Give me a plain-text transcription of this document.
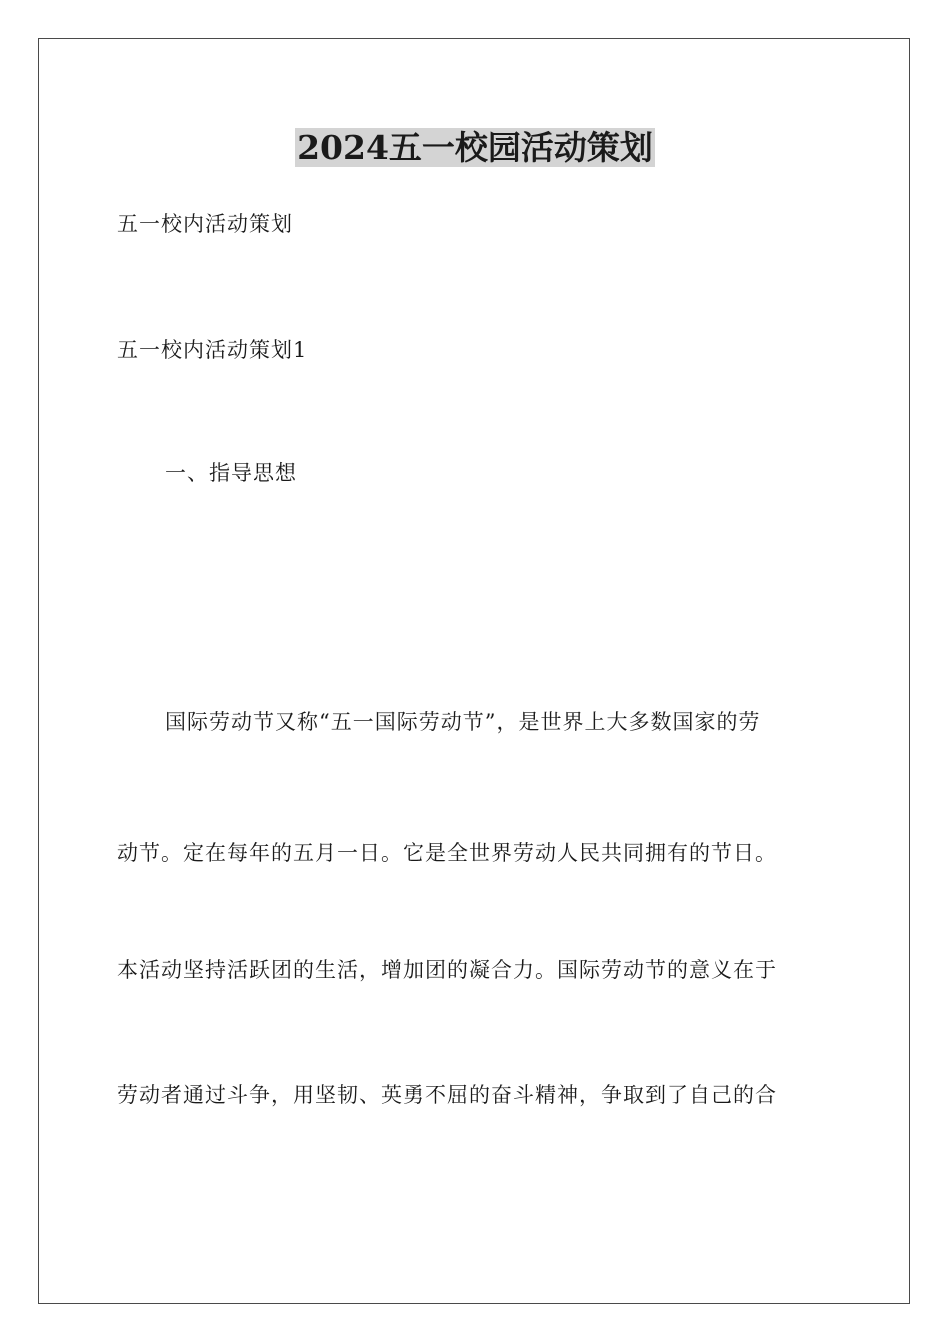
2024五一校园活动策划
五一校内活动策划
五一校内活动策划1
一、指导思想
国际劳动节又称“五一国际劳动节”，是世界上大多数国家的劳
动节。定在每年的五月一日。它是全世界劳动人民共同拥有的节日。
本活动坚持活跃团的生活，增加团的凝合力。国际劳动节的意义在于
劳动者通过斗争，用坚韧、英勇不屈的奋斗精神，争取到了自己的合
